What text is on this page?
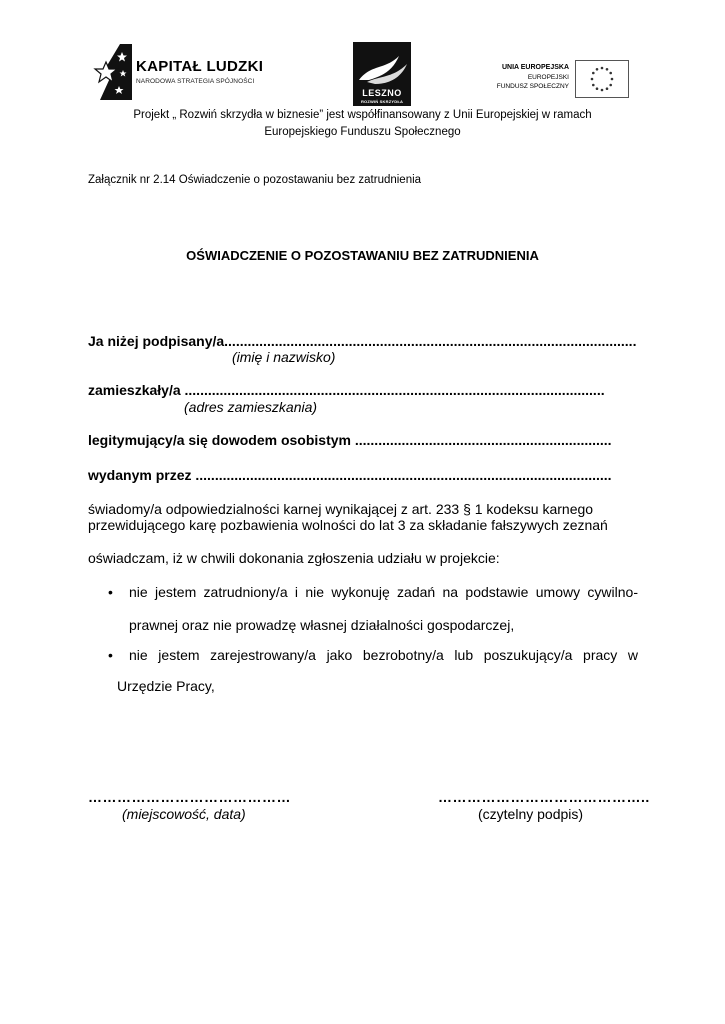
KAPITAŁ LUDZKI
NARODOWA STRATEGIA SPÓJNOŚCI
LESZNO
ROZWIŃ SKRZYDŁA
UNIA EUROPEJSKA
EUROPEJSKI
FUNDUSZ SPOŁECZNY
Projekt „ Rozwiń skrzydła w biznesie” jest współfinansowany z Unii Europejskiej w ramach
Europejskiego Funduszu Społecznego
Załącznik nr 2.14 Oświadczenie o pozostawaniu bez zatrudnienia
OŚWIADCZENIE O POZOSTAWANIU BEZ ZATRUDNIENIA
Ja niżej podpisany/a..........................................................................................................
(imię i nazwisko)
zamieszkały/a ............................................................................................................
(adres zamieszkania)
legitymujący/a się dowodem osobistym ..................................................................
wydanym przez ...........................................................................................................
świadomy/a odpowiedzialności karnej wynikającej z art. 233 § 1 kodeksu karnego
przewidującego karę pozbawienia wolności do lat 3 za składanie fałszywych zeznań
oświadczam, iż w chwili dokonania zgłoszenia udziału w projekcie:
• nie jestem zatrudniony/a i nie wykonuję zadań na podstawie umowy cywilno-
prawnej oraz nie prowadzę własnej działalności gospodarczej,
• nie jestem zarejestrowany/a jako bezrobotny/a lub poszukujący/a pracy w
Urzędzie Pracy,
……………………………………
(miejscowość, data)
……………………………………..
(czytelny podpis)
